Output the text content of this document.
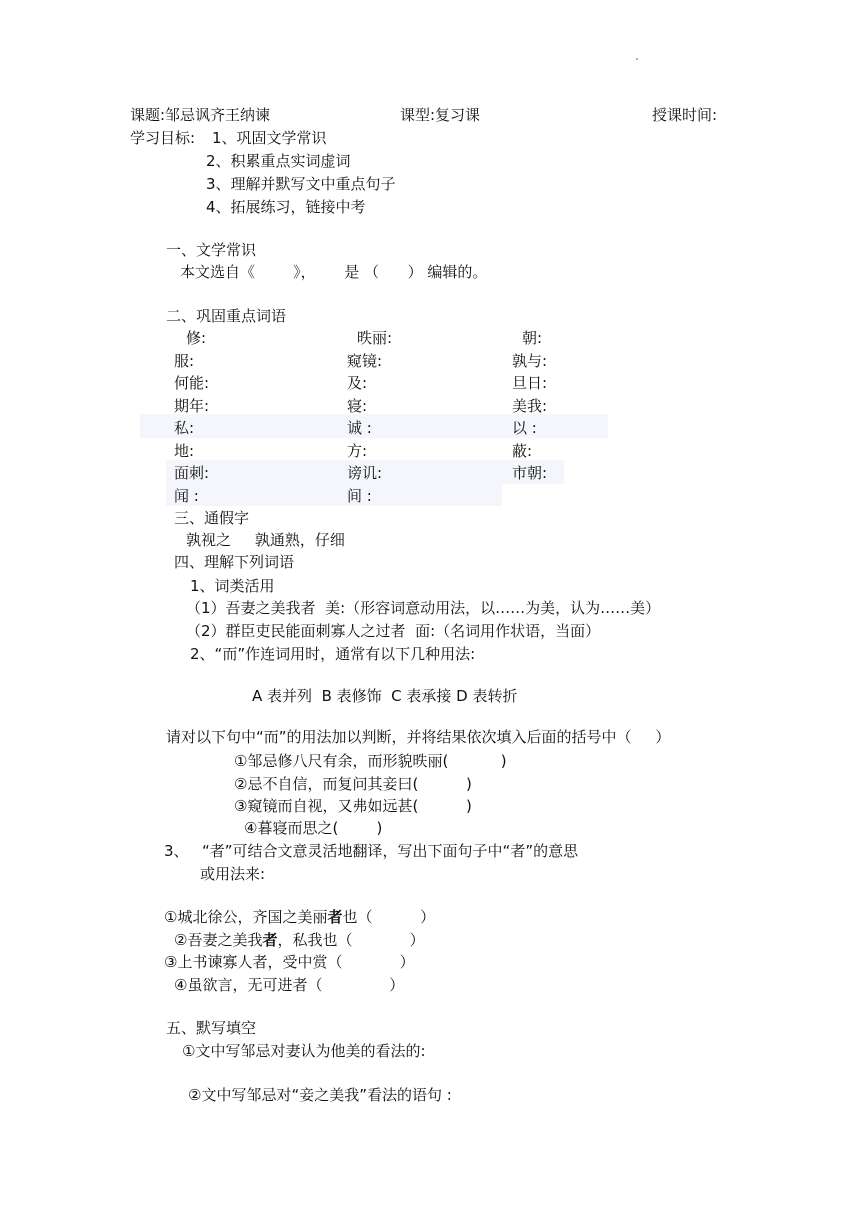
课题:邹忌讽齐王纳谏	课型:复习课	授课时间:
学习目标: 1、巩固文学常识
2、积累重点实词虚词
3、理解并默写文中重点句子
4、拓展练习，链接中考
一、文学常识
本文选自《        》，      是 （      ） 编辑的。
二、巩固重点词语
修:	昳丽:	朝:
服:	窥镜:	孰与:
何能:	及:	旦日:
期年:	寝:	美我:
私:	诚 :	以 :
地:	方:	蔽:
面刺:	谤讥:	市朝:
闻 :	间 :
三、通假字
孰视之     孰通熟，仔细
四、理解下列词语
1、词类活用
（1）吾妻之美我者  美:（形容词意动用法，以……为美，认为……美）
（2）群臣吏民能面刺寡人之过者  面:（名词用作状语，当面）
2、“而”作连词用时，通常有以下几种用法:
A 表并列  B 表修饰  C 表承接 D 表转折
请对以下句中“而”的用法加以判断，并将结果依次填入后面的括号中（     ）
①邹忌修八尺有余，而形貌昳丽(           )
②忌不自信，而复问其妾曰(          )
③窥镜而自视，又弗如远甚(          )
④暮寝而思之(        )
3、 “者”可结合文意灵活地翻译，写出下面句子中“者”的意思
或用法来:
①城北徐公，齐国之美丽者也（          ）
②吾妻之美我者，私我也（            ）
③上书谏寡人者，受中赏（            ）
④虽欲言，无可进者（              ）
五、默写填空
①文中写邹忌对妻认为他美的看法的:
②文中写邹忌对“妾之美我”看法的语句 :
